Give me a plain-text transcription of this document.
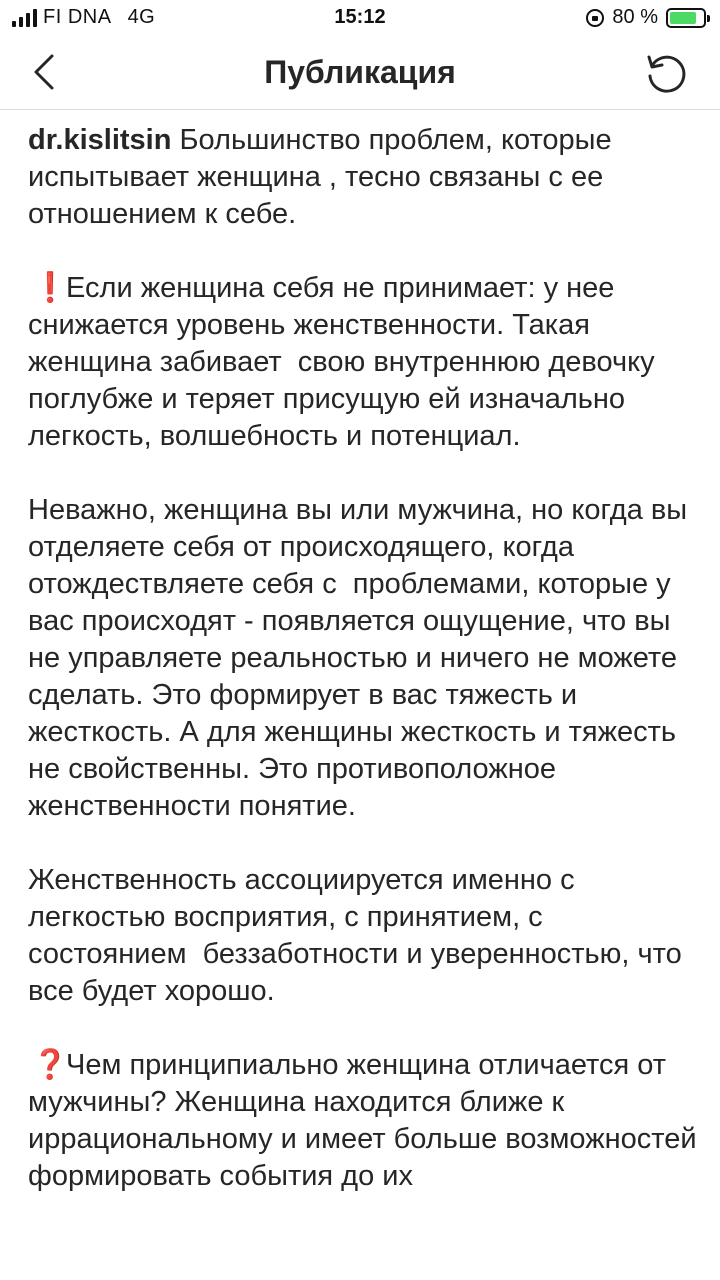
FI DNA 4G	15:12	80 %
Публикация

dr.kislitsin Большинство проблем, которые испытывает женщина , тесно связаны с ее отношением к себе.

❗Если женщина себя не принимает: у нее снижается уровень женственности. Такая женщина забивает  свою внутреннюю девочку поглубже и теряет присущую ей изначально легкость, волшебность и потенциал.

Неважно, женщина вы или мужчина, но когда вы  отделяете себя от происходящего, когда отождествляете себя с  проблемами, которые у вас происходят - появляется ощущение, что вы не управляете реальностью и ничего не можете сделать. Это формирует в вас тяжесть и жесткость. А для женщины жесткость и тяжесть не свойственны. Это противоположное женственности понятие.

Женственность ассоциируется именно с легкостью восприятия, с принятием, с состоянием  беззаботности и уверенностью, что все будет хорошо.

❓Чем принципиально женщина отличается от мужчины? Женщина находится ближе к иррациональному и имеет больше возможностей формировать события до их
